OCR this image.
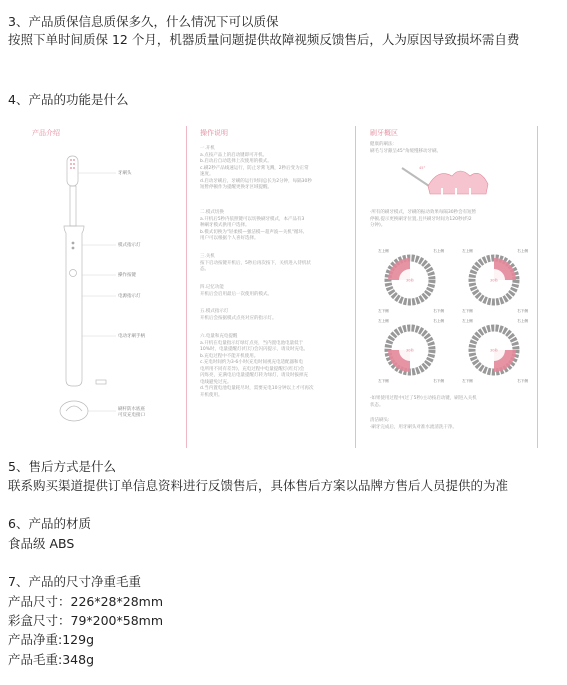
3、产品质保信息质保多久，什么情况下可以质保
按照下单时间质保 12 个月，机器质量问题提供故障视频反馈售后，人为原因导致损坏需自费
4、产品的功能是什么
产品介绍
牙刷头
模式指示灯
操作按键
电源指示灯
电动牙刷手柄
刷杆防水底座
可反充电接口
操作说明
一.开机
a.点按产品上的启动键即可开机。
b.启动后自动选择上次使用的模式。
c.刷2秒产品线速运行，防止牙膏飞溅，2秒后变为正常
速度。
d.启动牙刷后，牙刷的运行时间总长为2分钟，每隔30秒
短暂停顿作为提醒更换牙区域提醒。
二.模式切换
a.开机后5秒内依照键可以切换刷牙模式，本产品有3
种刷牙模式供用户选择。
b.模式切换为"轻柔模—强洁模—超声波—关机"循环,
用户可以根据个人喜好选择。
三.关机
按下启动按键开机后，5秒后再次按下，关机进入待机状
态。
四.记忆功能
开机后会启用最后一次使用的模式。
五.模式指示灯
开机后会按据模式点亮对应的指示灯。
六.电量和充电提醒
a.开机在电量指示灯绿灯点亮，当内置电池电量低于
10%时，电量提醒灯(红灯)会闪闪提示，请及时充电。
b.充电过程中不能开机使用。
c.充电时间约为3-6小时(充电时间视充电适配器和电
电所用不同有差异)，充电过程中电量提醒灯(红灯)会
闪烁亮，充满电后电量提醒灯转为绿灯，请及时拔掉充
电线避免过充。
d.当内置电池电量耗尽时，需要充电10分钟以上才可再次
开机使用。
刷牙概区
健康的刷法：
刷毛与牙龈呈45°角缓慢移动牙刷。
45°
·所有的刷牙模式，牙刷的振动效果每隔30秒会有短暂
停顿,提示更换刷牙位置,且共刷牙时间为120秒(约2
分钟)。
30秒
左上侧	右上侧
左下侧	右下侧
30秒
左上侧	右上侧
左下侧	右下侧
30秒
左上侧	右上侧
左下侧	右下侧
30秒
左上侧	右上侧
左下侧	右下侧
·如果使用过程中(过了5秒)主动按启动键，刷进入关机
状态。
清洁刷头:
·刷牙完成后，用牙刷头对准水流清洗干净。
5、售后方式是什么
联系购买渠道提供订单信息资料进行反馈售后，具体售后方案以品牌方售后人员提供的为准
6、产品的材质
食品级 ABS
7、产品的尺寸净重毛重
产品尺寸：226*28*28mm
彩盒尺寸：79*200*58mm
产品净重:129g
产品毛重:348g
